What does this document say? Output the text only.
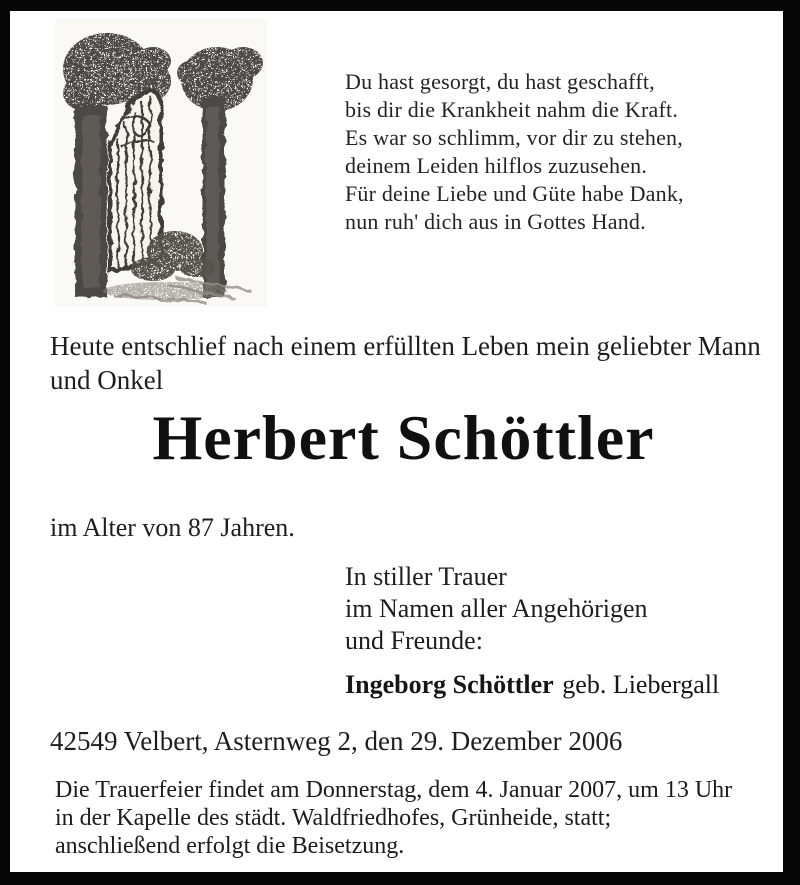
Du hast gesorgt, du hast geschafft,
bis dir die Krankheit nahm die Kraft.
Es war so schlimm, vor dir zu stehen,
deinem Leiden hilflos zuzusehen.
Für deine Liebe und Güte habe Dank,
nun ruh' dich aus in Gottes Hand.
Heute entschlief nach einem erfüllten Leben mein geliebter Mann und Onkel
Herbert Schöttler
im Alter von 87 Jahren.
In stiller Trauer
im Namen aller Angehörigen
und Freunde:
Ingeborg Schöttler geb. Liebergall
42549 Velbert, Asternweg 2, den 29. Dezember 2006
Die Trauerfeier findet am Donnerstag, dem 4. Januar 2007, um 13 Uhr
in der Kapelle des städt. Waldfriedhofes, Grünheide, statt;
anschließend erfolgt die Beisetzung.
